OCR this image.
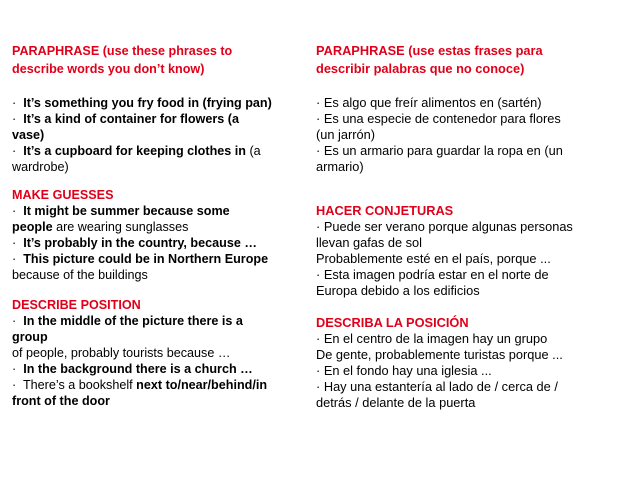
PARAPHRASE (use these phrases to
describe words you don’t know)
· It’s something you fry food in (frying pan)
· It’s a kind of container for flowers (a
vase)
· It’s a cupboard for keeping clothes in (a
wardrobe)
MAKE GUESSES
· It might be summer because some
people are wearing sunglasses
· It’s probably in the country, because …
· This picture could be in Northern Europe
because of the buildings
DESCRIBE POSITION
· In the middle of the picture there is a
group
of people, probably tourists because …
· In the background there is a church …
· There’s a bookshelf next to/near/behind/in
front of the door
PARAPHRASE (use estas frases para
describir palabras que no conoce)
· Es algo que freír alimentos en (sartén)
· Es una especie de contenedor para flores
(un jarrón)
· Es un armario para guardar la ropa en (un
armario)
HACER CONJETURAS
· Puede ser verano porque algunas personas
llevan gafas de sol
Probablemente esté en el país, porque ...
· Esta imagen podría estar en el norte de
Europa debido a los edificios
DESCRIBA LA POSICIÓN
· En el centro de la imagen hay un grupo
De gente, probablemente turistas porque ...
· En el fondo hay una iglesia ...
· Hay una estantería al lado de / cerca de /
detrás / delante de la puerta
